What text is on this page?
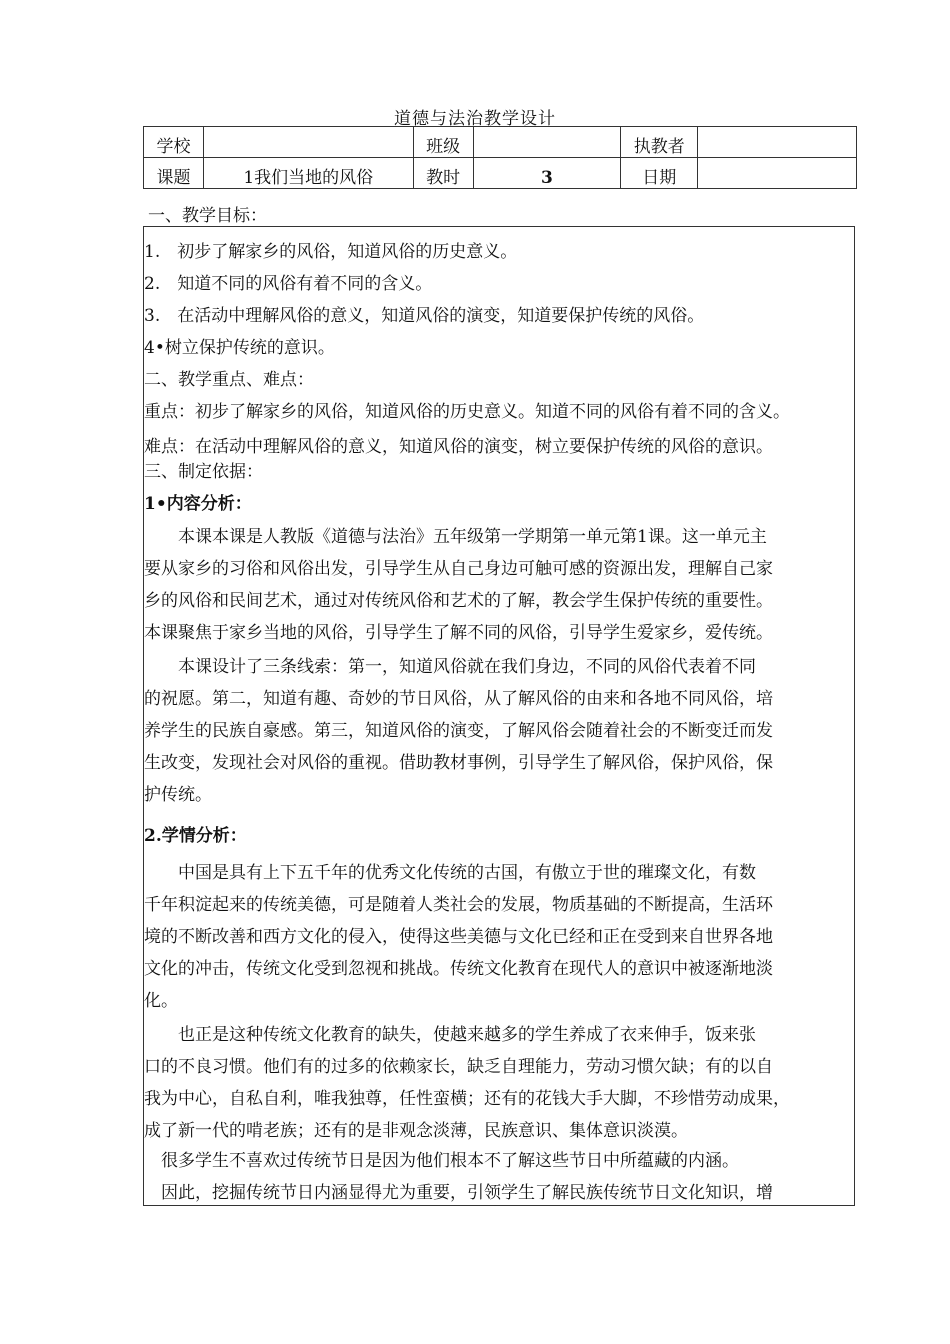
道德与法治教学设计
学校		班级		执教者	
课题	1我们当地的风俗	教时	3	日期	
一、教学目标：
1.　初步了解家乡的风俗，知道风俗的历史意义。
2.　知道不同的风俗有着不同的含义。
3.　在活动中理解风俗的意义，知道风俗的演变，知道要保护传统的风俗。
4•树立保护传统的意识。
二、教学重点、难点：
重点：初步了解家乡的风俗，知道风俗的历史意义。知道不同的风俗有着不同的含义。
难点：在活动中理解风俗的意义，知道风俗的演变，树立要保护传统的风俗的意识。
三、制定依据：
1•内容分析：
　　本课本课是人教版《道德与法治》五年级第一学期第一单元第1课。这一单元主
要从家乡的习俗和风俗出发，引导学生从自己身边可触可感的资源出发，理解自己家
乡的风俗和民间艺术，通过对传统风俗和艺术的了解，教会学生保护传统的重要性。
本课聚焦于家乡当地的风俗，引导学生了解不同的风俗，引导学生爱家乡，爱传统。
　　本课设计了三条线索：第一，知道风俗就在我们身边，不同的风俗代表着不同
的祝愿。第二，知道有趣、奇妙的节日风俗，从了解风俗的由来和各地不同风俗，培
养学生的民族自豪感。第三，知道风俗的演变，了解风俗会随着社会的不断变迁而发
生改变，发现社会对风俗的重视。借助教材事例，引导学生了解风俗，保护风俗，保
护传统。
2.学情分析：
　　中国是具有上下五千年的优秀文化传统的古国，有傲立于世的璀璨文化，有数
千年积淀起来的传统美德，可是随着人类社会的发展，物质基础的不断提高，生活环
境的不断改善和西方文化的侵入，使得这些美德与文化已经和正在受到来自世界各地
文化的冲击，传统文化受到忽视和挑战。传统文化教育在现代人的意识中被逐渐地淡
化。
　　也正是这种传统文化教育的缺失，使越来越多的学生养成了衣来伸手，饭来张
口的不良习惯。他们有的过多的依赖家长，缺乏自理能力，劳动习惯欠缺；有的以自
我为中心，自私自利，唯我独尊，任性蛮横；还有的花钱大手大脚，不珍惜劳动成果，
成了新一代的啃老族；还有的是非观念淡薄，民族意识、集体意识淡漠。
　很多学生不喜欢过传统节日是因为他们根本不了解这些节日中所蕴藏的内涵。
　因此，挖掘传统节日内涵显得尤为重要，引领学生了解民族传统节日文化知识，增
